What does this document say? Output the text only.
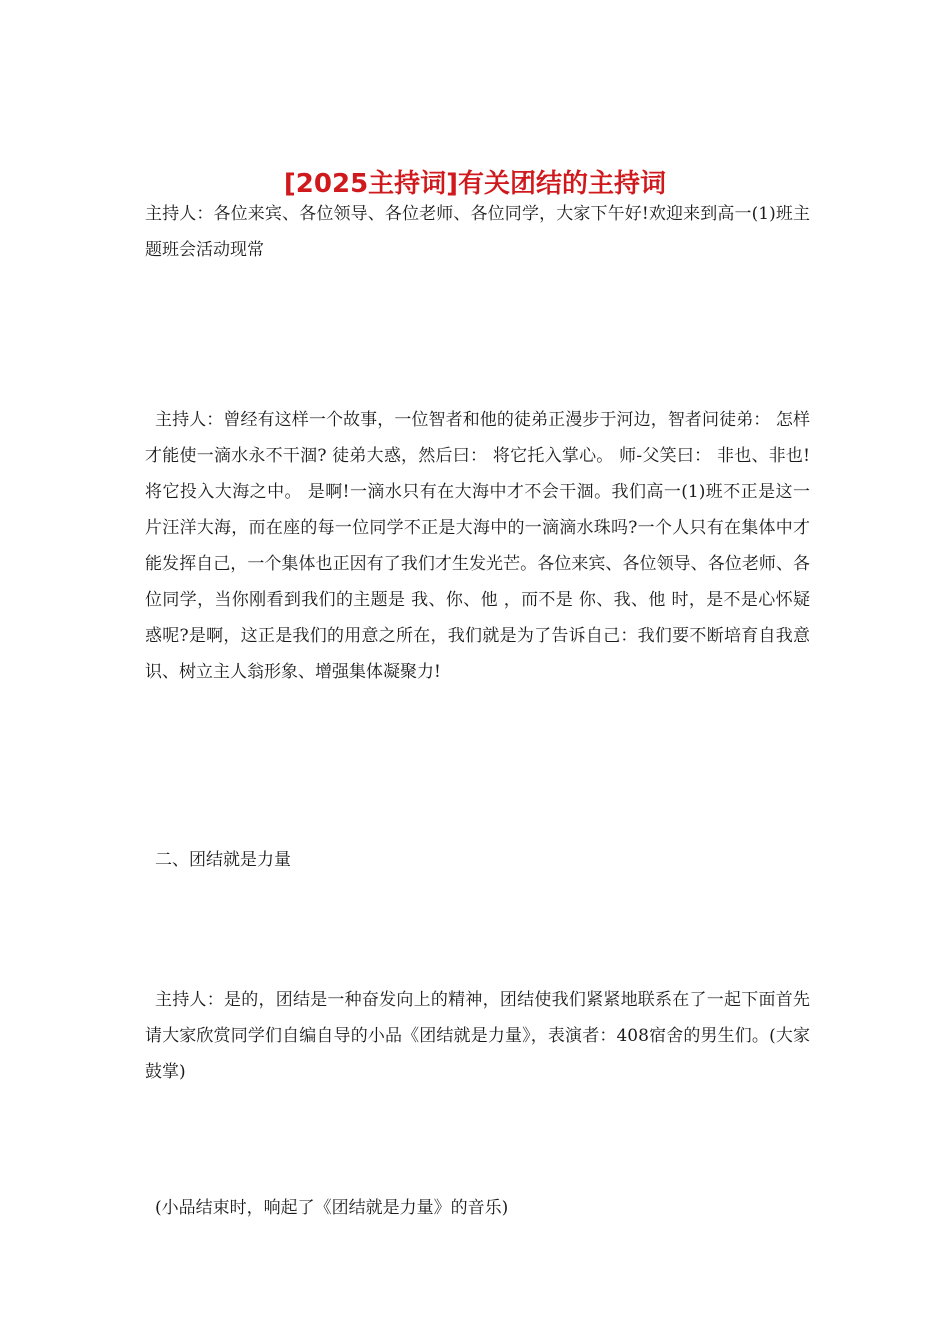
[2025主持词]有关团结的主持词

主持人：各位来宾、各位领导、各位老师、各位同学，大家下午好!欢迎来到高一(1)班主题班会活动现常

主持人：曾经有这样一个故事，一位智者和他的徒弟正漫步于河边，智者问徒弟： 怎样才能使一滴水永不干涸? 徒弟大惑，然后曰： 将它托入掌心。 师-父笑曰： 非也、非也!将它投入大海之中。 是啊!一滴水只有在大海中才不会干涸。我们高一(1)班不正是这一片汪洋大海，而在座的每一位同学不正是大海中的一滴滴水珠吗?一个人只有在集体中才能发挥自己，一个集体也正因有了我们才生发光芒。各位来宾、各位领导、各位老师、各位同学，当你刚看到我们的主题是 我、你、他 ，而不是 你、我、他 时，是不是心怀疑惑呢?是啊，这正是我们的用意之所在，我们就是为了告诉自己：我们要不断培育自我意识、树立主人翁形象、增强集体凝聚力!

二、团结就是力量

主持人：是的，团结是一种奋发向上的精神，团结使我们紧紧地联系在了一起下面首先请大家欣赏同学们自编自导的小品《团结就是力量》，表演者：408宿舍的男生们。(大家鼓掌)

(小品结束时，响起了《团结就是力量》的音乐)
